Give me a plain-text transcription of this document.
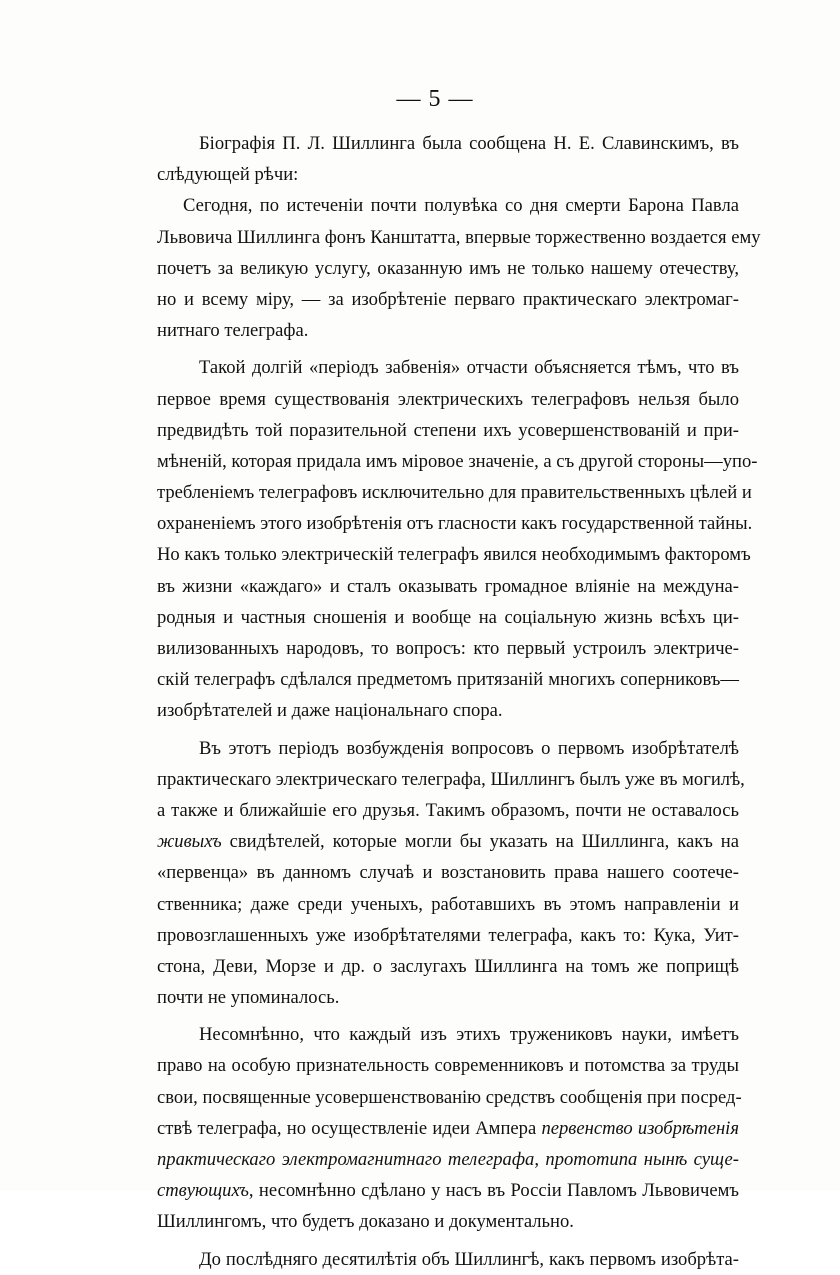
— 5 —
Біографія П. Л. Шиллинга была сообщена Н. Е. Славинскимъ, въ
слѣдующей рѣчи:
Сегодня, по истеченіи почти полувѣка со дня смерти Барона Павла
Львовича Шиллинга фонъ Канштатта, впервые торжественно воздается ему
почетъ за великую услугу, оказанную имъ не только нашему отечеству,
но и всему міру, — за изобрѣтеніе перваго практическаго электромаг-
нитнаго телеграфа.
Такой долгій «періодъ забвенія» отчасти объясняется тѣмъ, что въ
первое время существованія электрическихъ телеграфовъ нельзя было
предвидѣть той поразительной степени ихъ усовершенствованій и при-
мѣненій, которая придала имъ міровое значеніе, а съ другой стороны—упо-
требленіемъ телеграфовъ исключительно для правительственныхъ цѣлей и
охраненіемъ этого изобрѣтенія отъ гласности какъ государственной тайны.
Но какъ только электрическій телеграфъ явился необходимымъ факторомъ
въ жизни «каждаго» и сталъ оказывать громадное вліяніе на междуна-
родныя и частныя сношенія и вообще на соціальную жизнь всѣхъ ци-
вилизованныхъ народовъ, то вопросъ: кто первый устроилъ электриче-
скій телеграфъ сдѣлался предметомъ притязаній многихъ соперниковъ—
изобрѣтателей и даже національнаго спора.
Въ этотъ періодъ возбужденія вопросовъ о первомъ изобрѣтателѣ
практическаго электрическаго телеграфа, Шиллингъ былъ уже въ могилѣ,
а также и ближайшіе его друзья. Такимъ образомъ, почти не оставалось
живыхъ свидѣтелей, которые могли бы указать на Шиллинга, какъ на
«первенца» въ данномъ случаѣ и возстановить права нашего соотече-
ственника; даже среди ученыхъ, работавшихъ въ этомъ направленіи и
провозглашенныхъ уже изобрѣтателями телеграфа, какъ то: Кука, Уит-
стона, Деви, Морзе и др. о заслугахъ Шиллинга на томъ же поприщѣ
почти не упоминалось.
Несомнѣнно, что каждый изъ этихъ тружениковъ науки, имѣетъ
право на особую признательность современниковъ и потомства за труды
свои, посвященные усовершенствованію средствъ сообщенія при посред-
ствѣ телеграфа, но осуществленіе идеи Ампера первенство изобрѣтенія
практическаго электромагнитнаго телеграфа, прототипа нынѣ суще-
ствующихъ, несомнѣнно сдѣлано у насъ въ Россіи Павломъ Львовичемъ
Шиллингомъ, что будетъ доказано и документально.
До послѣдняго десятилѣтія объ Шиллингѣ, какъ первомъ изобрѣта-
